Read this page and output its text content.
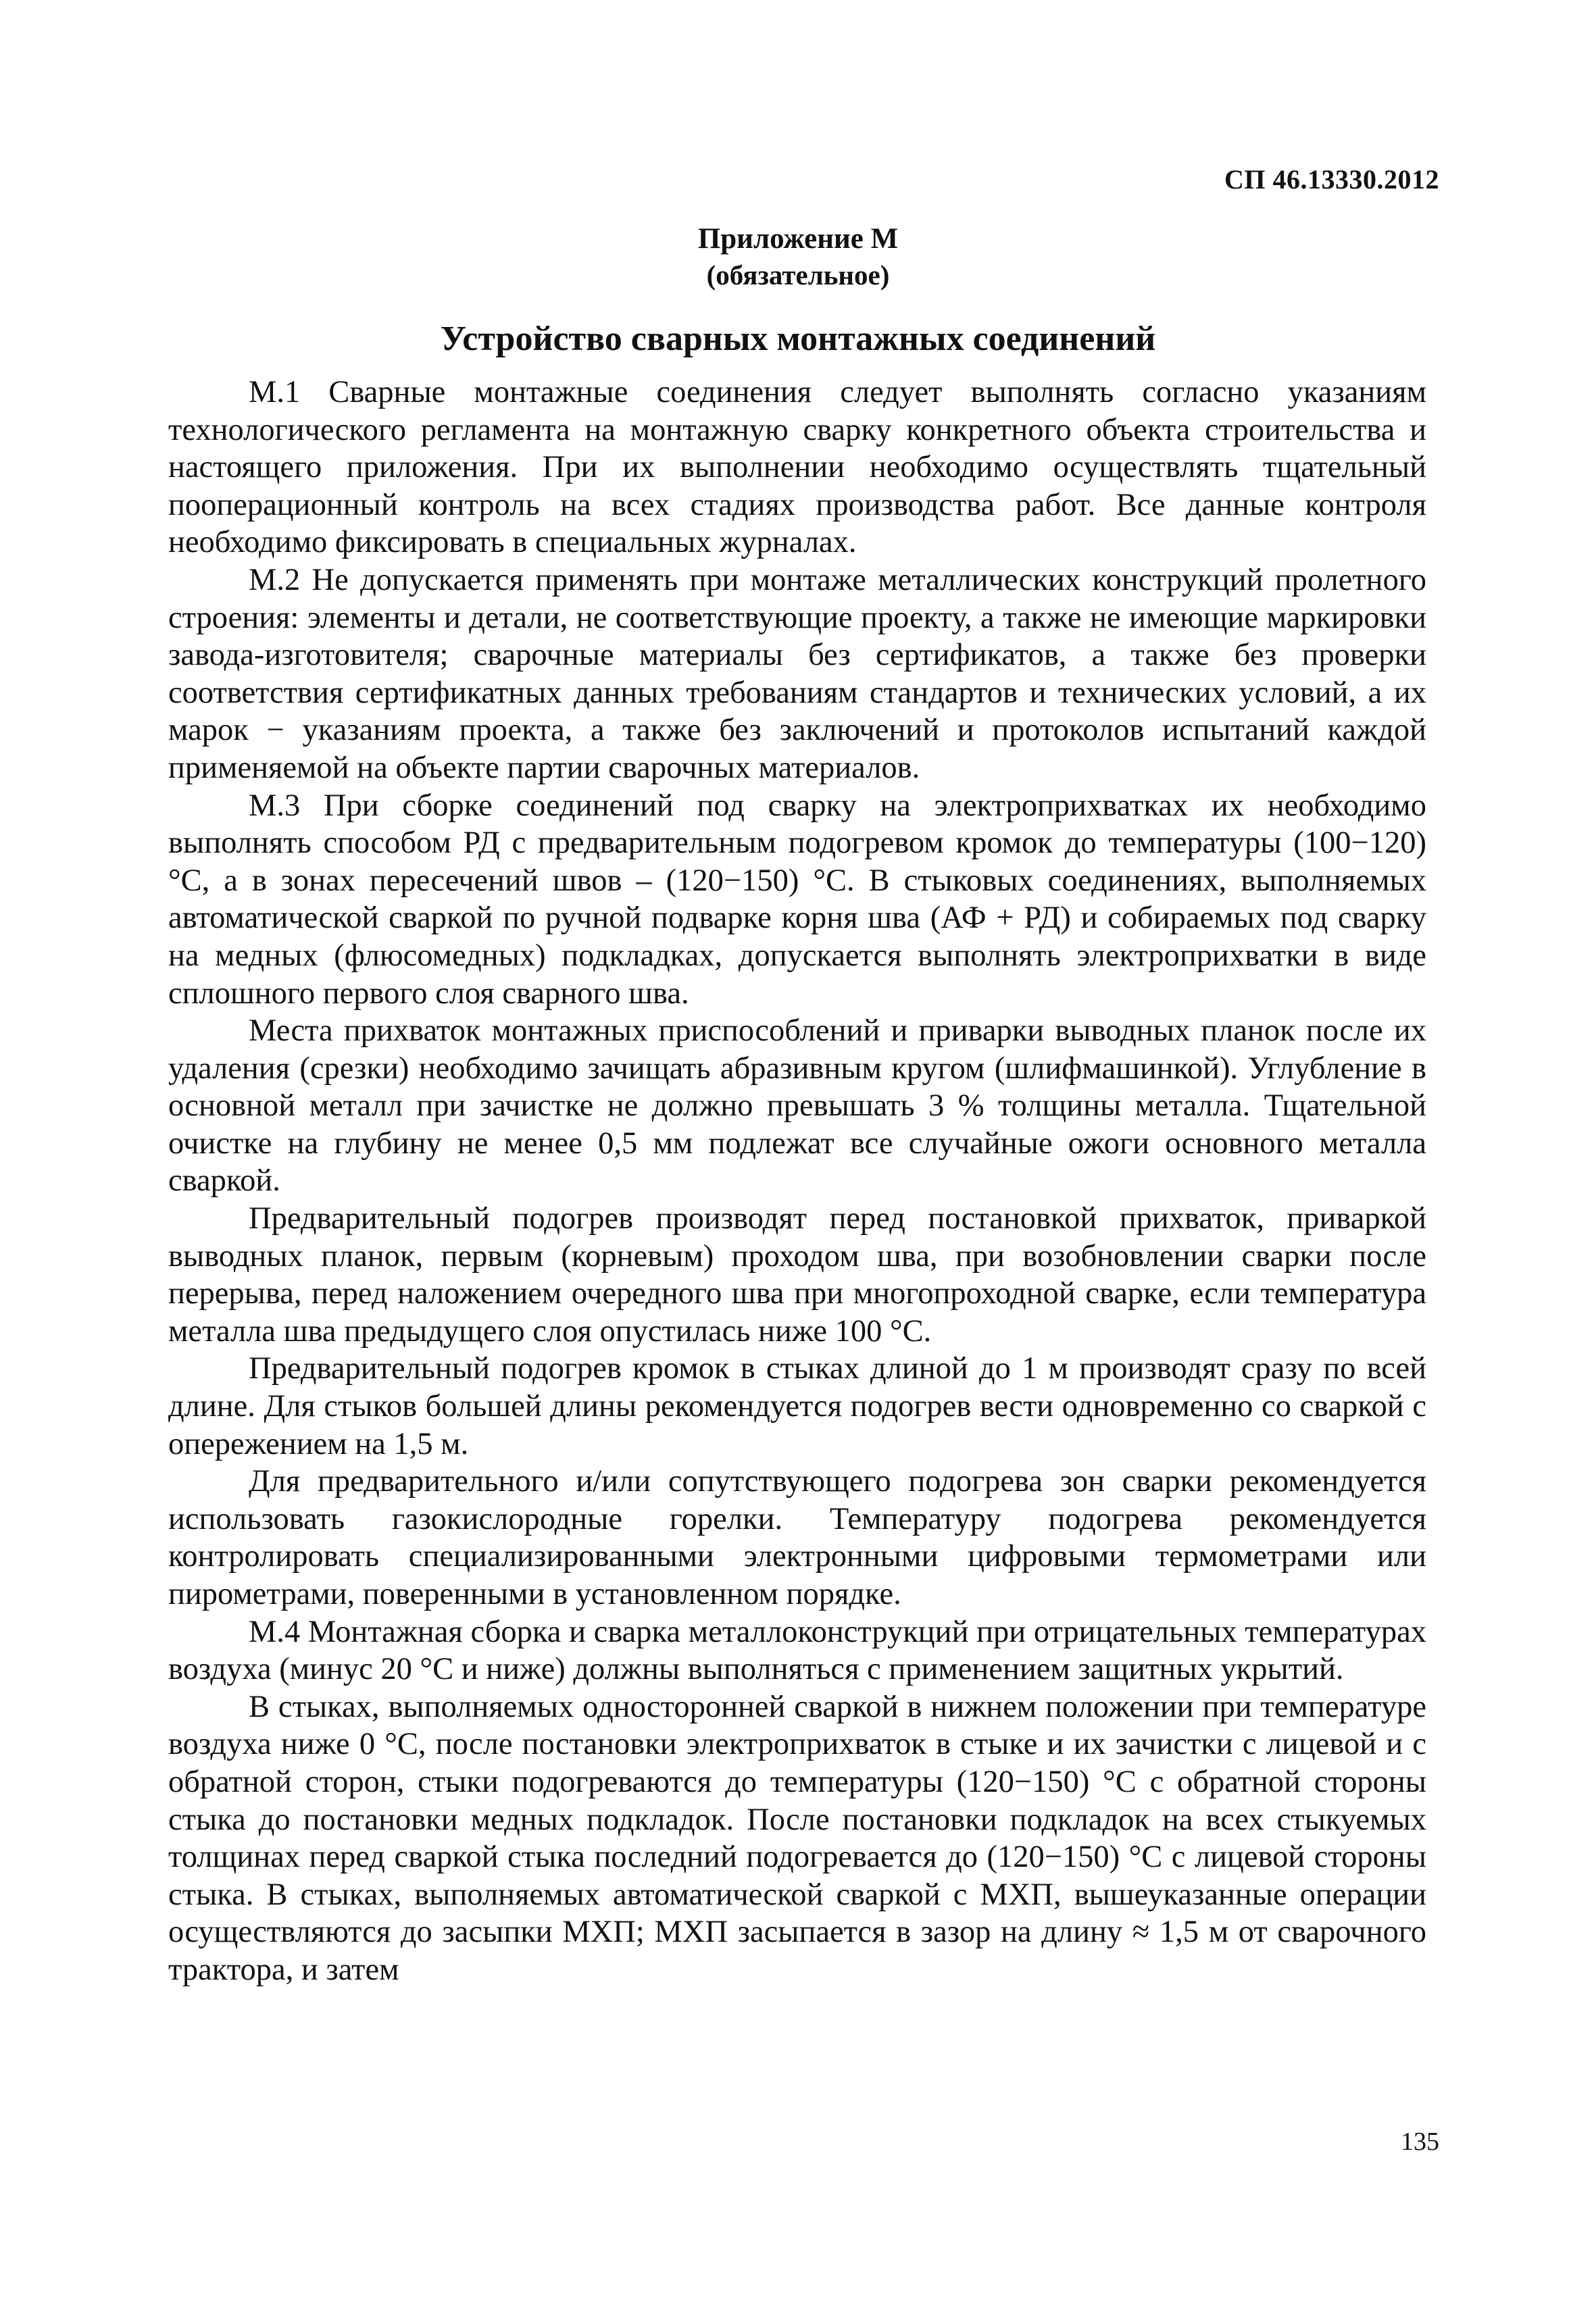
СП 46.13330.2012
Приложение М
(обязательное)
Устройство сварных монтажных соединений

М.1 Сварные монтажные соединения следует выполнять согласно указаниям технологического регламента на монтажную сварку конкретного объекта строительства и настоящего приложения. При их выполнении необходимо осуществлять тщательный пооперационный контроль на всех стадиях производства работ. Все данные контроля необходимо фиксировать в специальных журналах.

М.2 Не допускается применять при монтаже металлических конструкций пролетного строения: элементы и детали, не соответствующие проекту, а также не имеющие маркировки завода-изготовителя; сварочные материалы без сертификатов, а также без проверки соответствия сертификатных данных требованиям стандартов и технических условий, а их марок − указаниям проекта, а также без заключений и протоколов испытаний каждой применяемой на объекте партии сварочных материалов.

М.3 При сборке соединений под сварку на электроприхватках их необходимо выполнять способом РД с предварительным подогревом кромок до температуры (100−120) °С, а в зонах пересечений швов – (120−150) °С. В стыковых соединениях, выполняемых автоматической сваркой по ручной подварке корня шва (АФ + РД) и собираемых под сварку на медных (флюсомедных) подкладках, допускается выполнять электроприхватки в виде сплошного первого слоя сварного шва.

Места прихваток монтажных приспособлений и приварки выводных планок после их удаления (срезки) необходимо зачищать абразивным кругом (шлифмашинкой). Углубление в основной металл при зачистке не должно превышать 3 % толщины металла. Тщательной очистке на глубину не менее 0,5 мм подлежат все случайные ожоги основного металла сваркой.

Предварительный подогрев производят перед постановкой прихваток, приваркой выводных планок, первым (корневым) проходом шва, при возобновлении сварки после перерыва, перед наложением очередного шва при многопроходной сварке, если температура металла шва предыдущего слоя опустилась ниже 100 °С.

Предварительный подогрев кромок в стыках длиной до 1 м производят сразу по всей длине. Для стыков большей длины рекомендуется подогрев вести одновременно со сваркой с опережением на 1,5 м.

Для предварительного и/или сопутствующего подогрева зон сварки рекомендуется использовать газокислородные горелки. Температуру подогрева рекомендуется контролировать специализированными электронными цифровыми термометрами или пирометрами, поверенными в установленном порядке.

М.4 Монтажная сборка и сварка металлоконструкций при отрицательных температурах воздуха (минус 20 °С и ниже) должны выполняться с применением защитных укрытий.

В стыках, выполняемых односторонней сваркой в нижнем положении при температуре воздуха ниже 0 °С, после постановки электроприхваток в стыке и их зачистки с лицевой и с обратной сторон, стыки подогреваются до температуры (120−150) °С с обратной стороны стыка до постановки медных подкладок. После постановки подкладок на всех стыкуемых толщинах перед сваркой стыка последний подогревается до (120−150) °С с лицевой стороны стыка. В стыках, выполняемых автоматической сваркой с МХП, вышеуказанные операции осуществляются до засыпки МХП; МХП засыпается в зазор на длину ≈ 1,5 м от сварочного трактора, и затем

135
